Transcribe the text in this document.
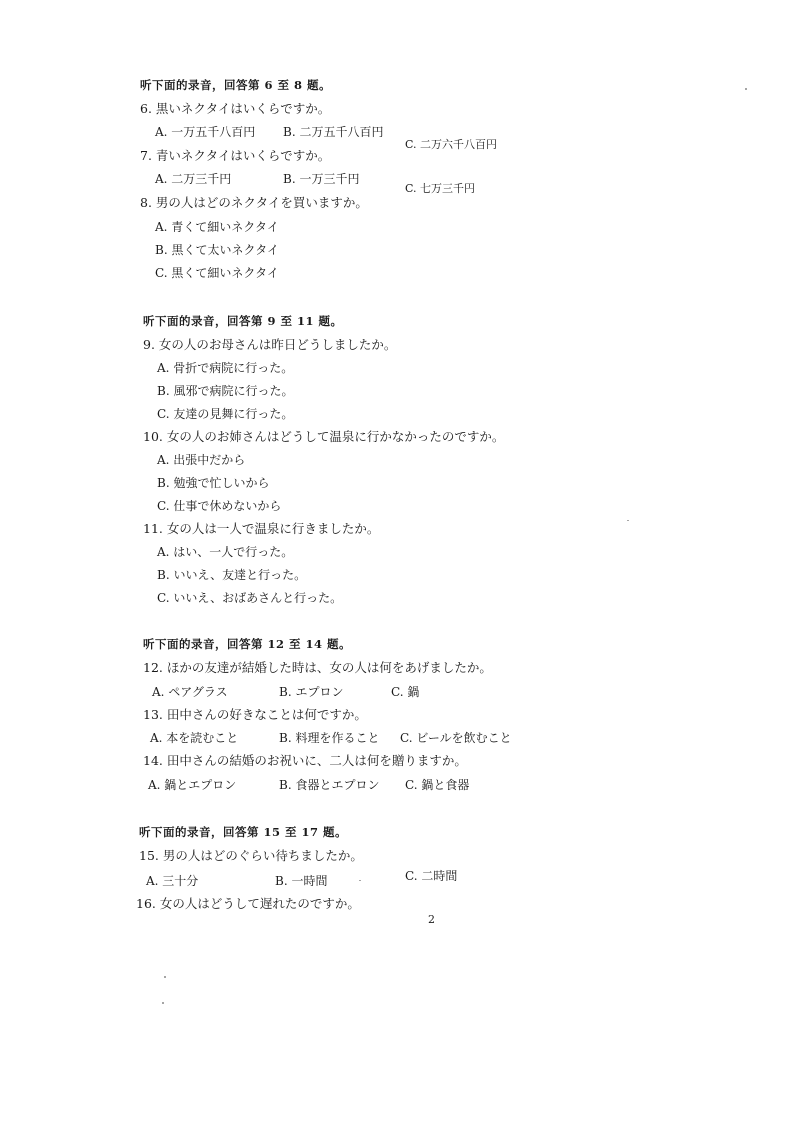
听下面的录音，回答第 6 至 8 题。
6. 黒いネクタイはいくらですか。
A. 一万五千八百円 B. 二万五千八百円
C. 二万六千八百円
7. 青いネクタイはいくらですか。
A. 二万三千円	B. 一万三千円
C. 七万三千円
8. 男の人はどのネクタイを買いますか。
A. 青くて細いネクタイ
B. 黒くて太いネクタイ
C. 黒くて細いネクタイ
听下面的录音，回答第 9 至 11 题。
9. 女の人のお母さんは昨日どうしましたか。
A. 骨折で病院に行った。
B. 風邪で病院に行った。
C. 友達の見舞に行った。
10. 女の人のお姉さんはどうして温泉に行かなかったのですか。
A. 出張中だから
B. 勉強で忙しいから
C. 仕事で休めないから
11. 女の人は一人で温泉に行きましたか。
A. はい、一人で行った。
B. いいえ、友達と行った。
C. いいえ、おばあさんと行った。
听下面的录音，回答第 12 至 14 题。
12. ほかの友達が結婚した時は、女の人は何をあげましたか。
A. ペアグラス	B. エプロン	C. 鍋
13. 田中さんの好きなことは何ですか。
A. 本を読むこと	B. 料理を作ること C. ビールを飲むこと
14. 田中さんの結婚のお祝いに、二人は何を贈りますか。
A. 鍋とエプロン	B. 食器とエプロン C. 鍋と食器
听下面的录音，回答第 15 至 17 题。
15. 男の人はどのぐらい待ちましたか。
A. 三十分	B. 一時間	C. 二時間
16. 女の人はどうして遅れたのですか。
2
